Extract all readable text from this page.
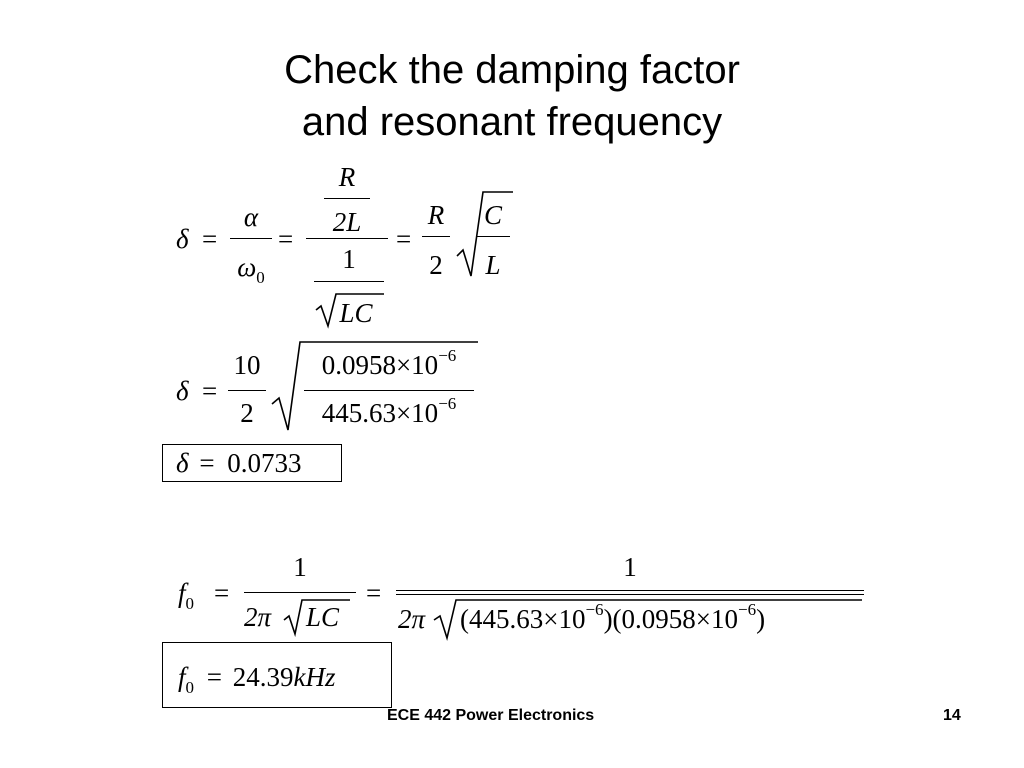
Check the damping factor
and resonant frequency
δ =
α
$\omega_0$
=
R
2L
1
LC
=
R
2
C
L
δ =
10
2
$0.0958\times 10^{-6}$
$445.63\times 10^{-6}$
δ = 0.0733
$f_0$ =
1
2π	LC
=
1
2π $(445.63\times 10^{-6})(0.0958\times 10^{-6})$
$f_0 = 24.39kHz$
ECE 442 Power Electronics	14
